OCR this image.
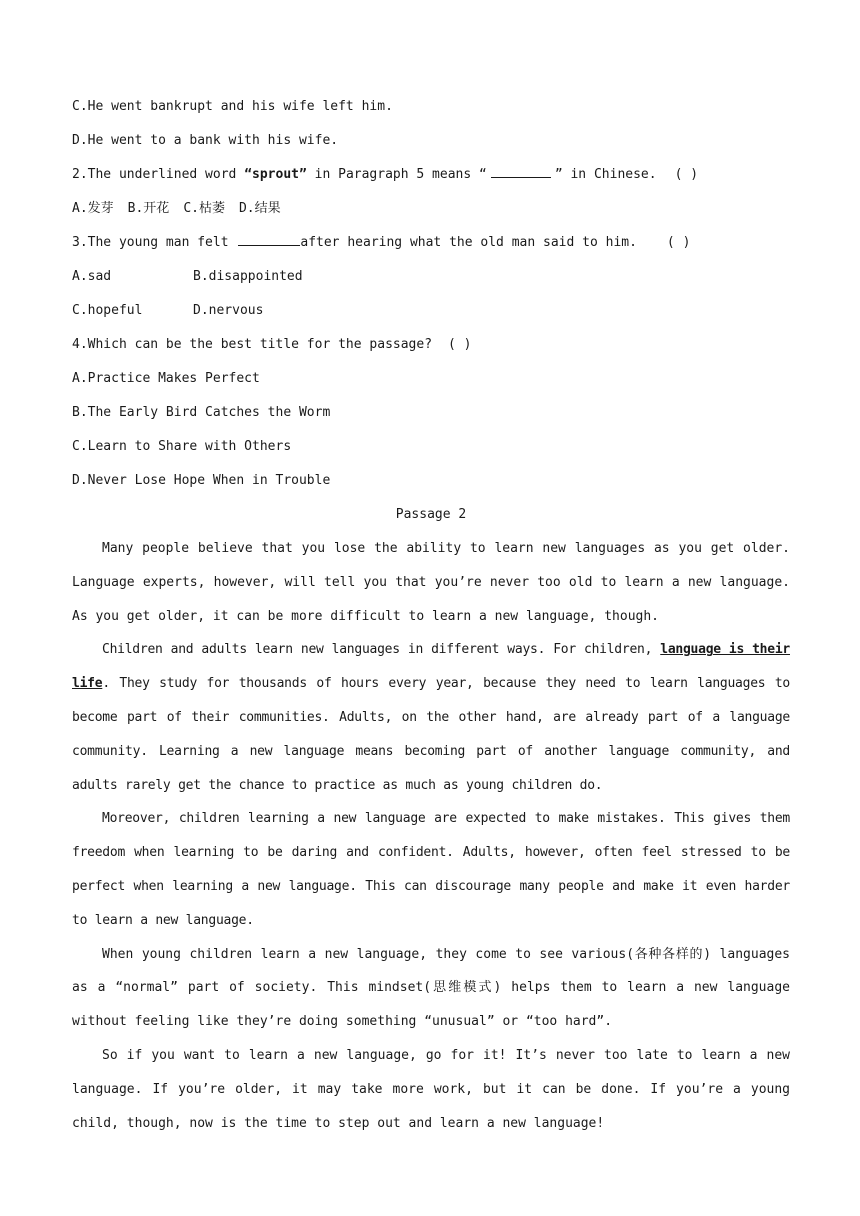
C.He went bankrupt and his wife left him.
D.He went to a bank with his wife.
2.The underlined word “sprout” in Paragraph 5 means “	” in Chinese. ( )
A.发芽 B.开花 C.枯萎 D.结果
3.The young man felt	after hearing what the old man said to him. ( )
A.sad	B.disappointed
C.hopeful	D.nervous
4.Which can be the best title for the passage? ( )
A.Practice Makes Perfect
B.The Early Bird Catches the Worm
C.Learn to Share with Others
D.Never Lose Hope When in Trouble
Passage 2
Many people believe that you lose the ability to learn new languages as you get older. Language experts, however, will tell you that you’re never too old to learn a new language. As you get older, it can be more difficult to learn a new language, though.
Children and adults learn new languages in different ways. For children, language is their life. They study for thousands of hours every year, because they need to learn languages to become part of their communities. Adults, on the other hand, are already part of a language community. Learning a new language means becoming part of another language community, and adults rarely get the chance to practice as much as young children do.
Moreover, children learning a new language are expected to make mistakes. This gives them freedom when learning to be daring and confident. Adults, however, often feel stressed to be perfect when learning a new language. This can discourage many people and make it even harder to learn a new language.
When young children learn a new language, they come to see various(各种各样的) languages as a “normal” part of society. This mindset(思维模式) helps them to learn a new language without feeling like they’re doing something “unusual” or “too hard”.
So if you want to learn a new language, go for it! It’s never too late to learn a new language. If you’re older, it may take more work, but it can be done. If you’re a young child, though, now is the time to step out and learn a new language!
